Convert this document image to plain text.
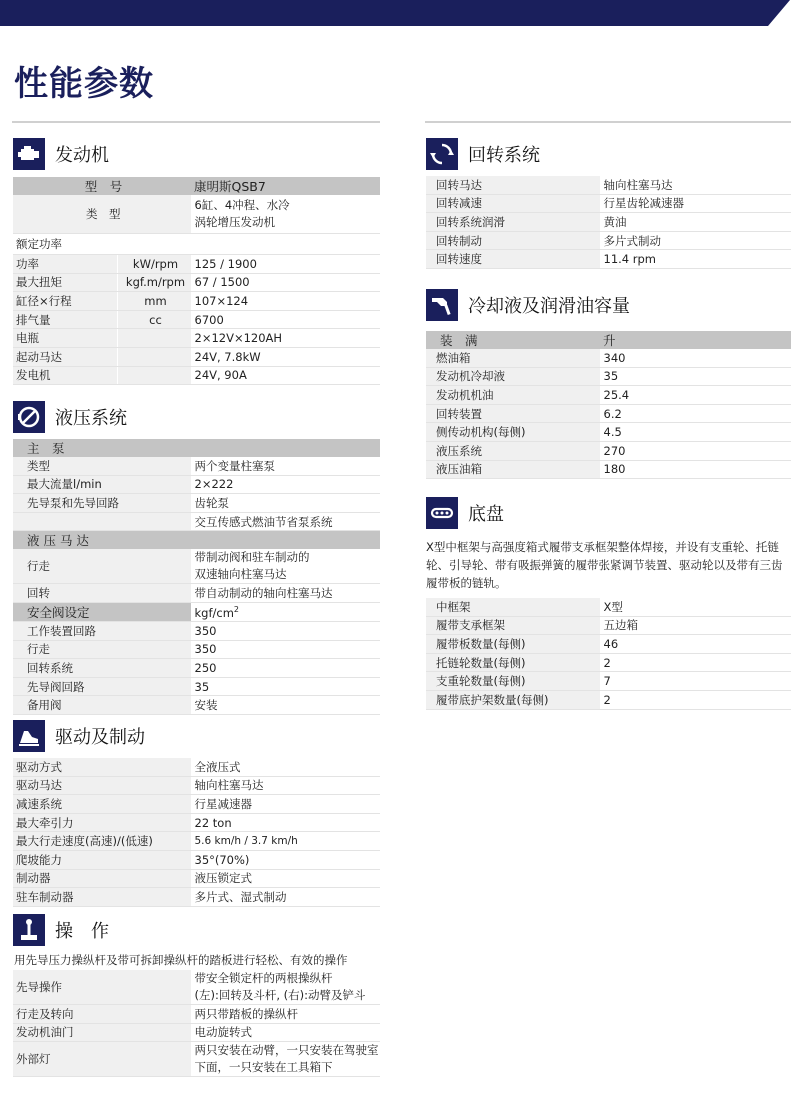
性能参数
发动机
型　号		康明斯QSB7
类　型		6缸、4冲程、水冷
涡轮增压发动机

额定功率		
功率	kW/rpm	125 / 1900
最大扭矩	kgf.m/rpm	67 / 1500
缸径×行程	mm	107×124
排气量	cc	6700
电瓶		2×12V×120AH
起动马达		24V, 7.8kW
发电机		24V, 90A
液压系统
主　泵	
类型	两个变量柱塞泵
最大流量l/min	2×222
先导泵和先导回路	齿轮泵
	交互传感式燃油节省泵系统
液 压 马 达	
行走	带制动阀和驻车制动的
双速轴向柱塞马达

回转	带自动制动的轴向柱塞马达
安全阀设定	kgf/$cm^2$
工作装置回路	350
行走	350
回转系统	250
先导阀回路	35
备用阀	安装
驱动及制动
驱动方式	全液压式
驱动马达	轴向柱塞马达
减速系统	行星减速器
最大牵引力	22 ton
最大行走速度(高速)/(低速)	5.6 km/h / 3.7 km/h
爬坡能力	35°(70%)
制动器	液压锁定式
驻车制动器	多片式、湿式制动
操　作
用先导压力操纵杆及带可拆卸操纵杆的踏板进行轻松、有效的操作
先导操作	带安全锁定杆的两根操纵杆
(左):回转及斗杆, (右):动臂及铲斗

行走及转向	两只带踏板的操纵杆
发动机油门	电动旋转式
外部灯	两只安装在动臂，一只安装在驾驶室
下面，一只安装在工具箱下
回转系统
回转马达	轴向柱塞马达
回转减速	行星齿轮减速器
回转系统润滑	黄油
回转制动	多片式制动
回转速度	11.4 rpm
冷却液及润滑油容量
装　满	升
燃油箱	340
发动机冷却液	35
发动机机油	25.4
回转装置	6.2
侧传动机构(每侧)	4.5
液压系统	270
液压油箱	180
底盘
X型中框架与高强度箱式履带支承框架整体焊接，并设有支重轮、托链
轮、引导轮、带有吸振弹簧的履带张紧调节装置、驱动轮以及带有三齿
履带板的链轨。
中框架	X型
履带支承框架	五边箱
履带板数量(每侧)	46
托链轮数量(每侧)	2
支重轮数量(每侧)	7
履带底护架数量(每侧)	2
